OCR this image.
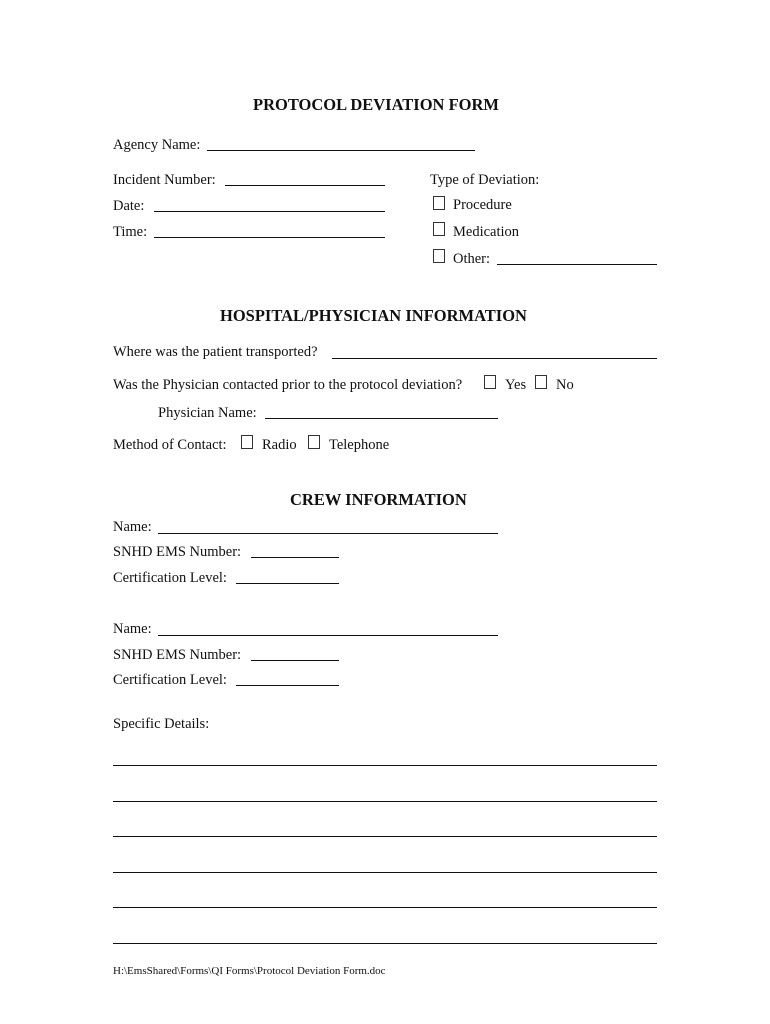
PROTOCOL DEVIATION FORM
Agency Name:
Incident Number:
Date:
Time:
Type of Deviation:
Procedure
Medication
Other:
HOSPITAL/PHYSICIAN INFORMATION
Where was the patient transported?
Was the Physician contacted prior to the protocol deviation?	Yes No
Physician Name:
Method of Contact: Radio Telephone
CREW INFORMATION
Name:
SNHD EMS Number:
Certification Level:
Name:
SNHD EMS Number:
Certification Level:
Specific Details:
H:\EmsShared\Forms\QI Forms\Protocol Deviation Form.doc
